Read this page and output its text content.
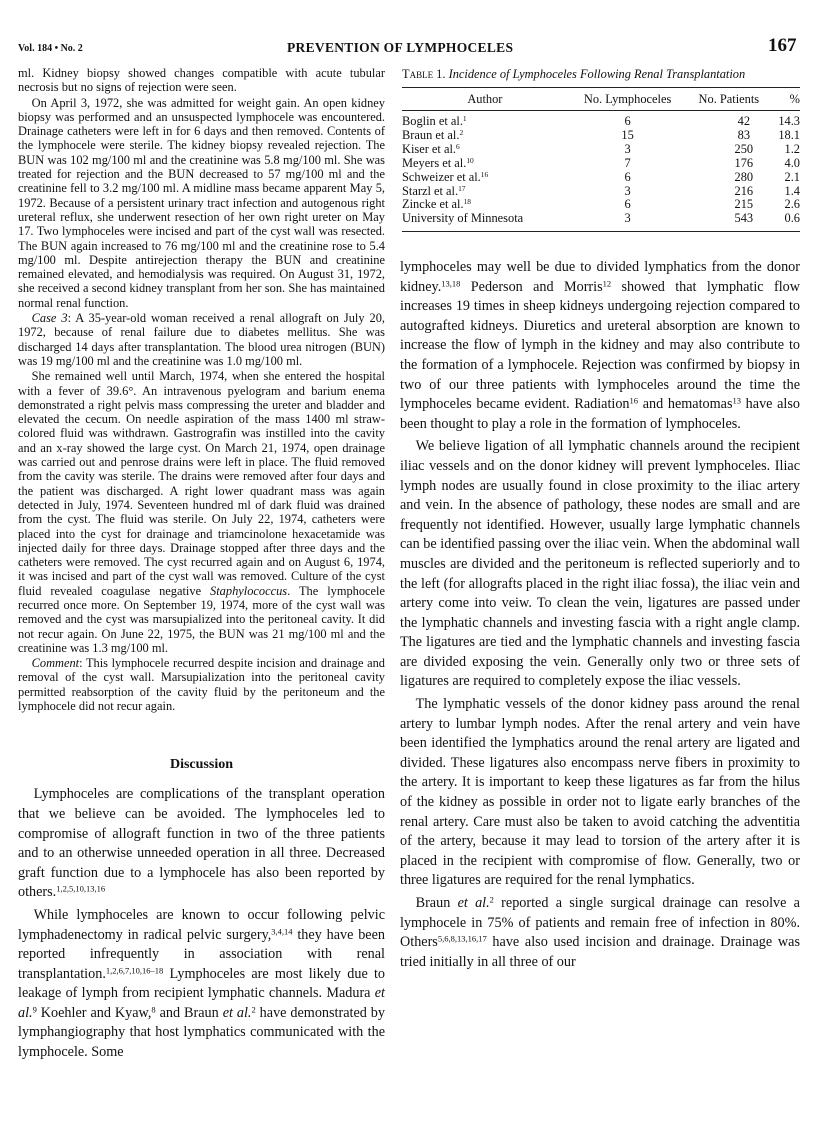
Vol. 184 • No. 2	PREVENTION OF LYMPHOCELES	167

ml. Kidney biopsy showed changes compatible with acute tubular necrosis but no signs of rejection were seen.

On April 3, 1972, she was admitted for weight gain. An open kidney biopsy was performed and an unsuspected lymphocele was encountered. Drainage catheters were left in for 6 days and then removed. Contents of the lymphocele were sterile. The kidney biopsy revealed rejection. The BUN was 102 mg/100 ml and the creatinine was 5.8 mg/100 ml. She was treated for rejection and the BUN decreased to 57 mg/100 ml and the creatinine fell to 3.2 mg/100 ml. A midline mass became apparent May 5, 1972. Because of a persistent urinary tract infection and autogenous right ureteral reflux, she underwent resection of her own right ureter on May 17. Two lymphoceles were incised and part of the cyst wall was resected. The BUN again increased to 76 mg/100 ml and the creatinine rose to 5.4 mg/100 ml. Despite antirejection therapy the BUN and creatinine remained elevated, and hemodialysis was required. On August 31, 1972, she received a second kidney transplant from her son. She has maintained normal renal function.

Case 3: A 35-year-old woman received a renal allograft on July 20, 1972, because of renal failure due to diabetes mellitus. She was discharged 14 days after transplantation. The blood urea nitrogen (BUN) was 19 mg/100 ml and the creatinine was 1.0 mg/100 ml.

She remained well until March, 1974, when she entered the hospital with a fever of 39.6°. An intravenous pyelogram and barium enema demonstrated a right pelvis mass compressing the ureter and bladder and elevated the cecum. On needle aspiration of the mass 1400 ml straw-colored fluid was withdrawn. Gastrografin was instilled into the cavity and an x-ray showed the large cyst. On March 21, 1974, open drainage was carried out and penrose drains were left in place. The fluid removed from the cavity was sterile. The drains were removed after four days and the patient was discharged. A right lower quadrant mass was again detected in July, 1974. Seventeen hundred ml of dark fluid was drained from the cyst. The fluid was sterile. On July 22, 1974, catheters were placed into the cyst for drainage and triamcinolone hexacetamide was injected daily for three days. Drainage stopped after three days and the catheters were removed. The cyst recurred again and on August 6, 1974, it was incised and part of the cyst wall was removed. Culture of the cyst fluid revealed coagulase negative Staphylococcus. The lymphocele recurred once more. On September 19, 1974, more of the cyst wall was removed and the cyst was marsupialized into the peritoneal cavity. It did not recur again. On June 22, 1975, the BUN was 21 mg/100 ml and the creatinine was 1.3 mg/100 ml.

Comment: This lymphocele recurred despite incision and drainage and removal of the cyst wall. Marsupialization into the peritoneal cavity permitted reabsorption of the cavity fluid by the peritoneum and the lymphocele did not recur again.

Discussion

Lymphoceles are complications of the transplant operation that we believe can be avoided. The lymphoceles led to compromise of allograft function in two of the three patients and to an otherwise unneeded operation in all three. Decreased graft function due to a lymphocele has also been reported by others.$^{1,2,5,10,13,16}$

While lymphoceles are known to occur following pelvic lymphadenectomy in radical pelvic surgery,$^{3,4,14}$ they have been reported infrequently in association with renal transplantation.$^{1,2,6,7,10,16-18}$ Lymphoceles are most likely due to leakage of lymph from recipient lymphatic channels. Madura et al.$^9$ Koehler and Kyaw,$^8$ and Braun et al.$^2$ have demonstrated by lymphangiography that host lymphatics communicated with the lymphocele. Some

lymphoceles may well be due to divided lymphatics from the donor kidney.$^{13,18}$ Pederson and Morris$^{12}$ showed that lymphatic flow increases 19 times in sheep kidneys undergoing rejection compared to autografted kidneys. Diuretics and ureteral absorption are known to increase the flow of lymph in the kidney and may also contribute to the formation of a lymphocele. Rejection was confirmed by biopsy in two of our three patients with lymphoceles around the time the lymphoceles became evident. Radiation$^{16}$ and hematomas$^{13}$ have also been thought to play a role in the formation of lymphoceles.

We believe ligation of all lymphatic channels around the recipient iliac vessels and on the donor kidney will prevent lymphoceles. Iliac lymph nodes are usually found in close proximity to the iliac artery and vein. In the absence of pathology, these nodes are small and are frequently not identified. However, usually large lymphatic channels can be identified passing over the iliac vein. When the abdominal wall muscles are divided and the peritoneum is reflected superiorly and to the left (for allografts placed in the right iliac fossa), the iliac vein and artery come into veiw. To clean the vein, ligatures are passed under the lymphatic channels and investing fascia with a right angle clamp. The ligatures are tied and the lymphatic channels and investing fascia are divided exposing the vein. Generally only two or three sets of ligatures are required to completely expose the iliac vessels.

The lymphatic vessels of the donor kidney pass around the renal artery to lumbar lymph nodes. After the renal artery and vein have been identified the lymphatics around the renal artery are ligated and divided. These ligatures also encompass nerve fibers in proximity to the artery. It is important to keep these ligatures as far from the hilus of the kidney as possible in order not to ligate early branches of the renal artery. Care must also be taken to avoid catching the adventitia of the artery, because it may lead to torsion of the artery after it is placed in the recipient with compromise of flow. Generally, two or three ligatures are required for the renal lymphatics.

Braun et al.$^2$ reported a single surgical drainage can resolve a lymphocele in 75% of patients and remain free of infection in 80%. Others$^{5,6,8,13,16,17}$ have also used incision and drainage. Drainage was tried initially in all three of our

Table 1. Incidence of Lymphoceles Following Renal Transplantation
Author	No. Lymphoceles	No. Patients	%
Boglin et al.$^1$	6	42	14.3
Braun et al.$^2$	15	83	18.1
Kiser et al.$^6$	3	250	1.2
Meyers et al.$^{10}$	7	176	4.0
Schweizer et al.$^{16}$	6	280	2.1
Starzl et al.$^{17}$	3	216	1.4
Zincke et al.$^{18}$	6	215	2.6
University of Minnesota	3	543	0.6
